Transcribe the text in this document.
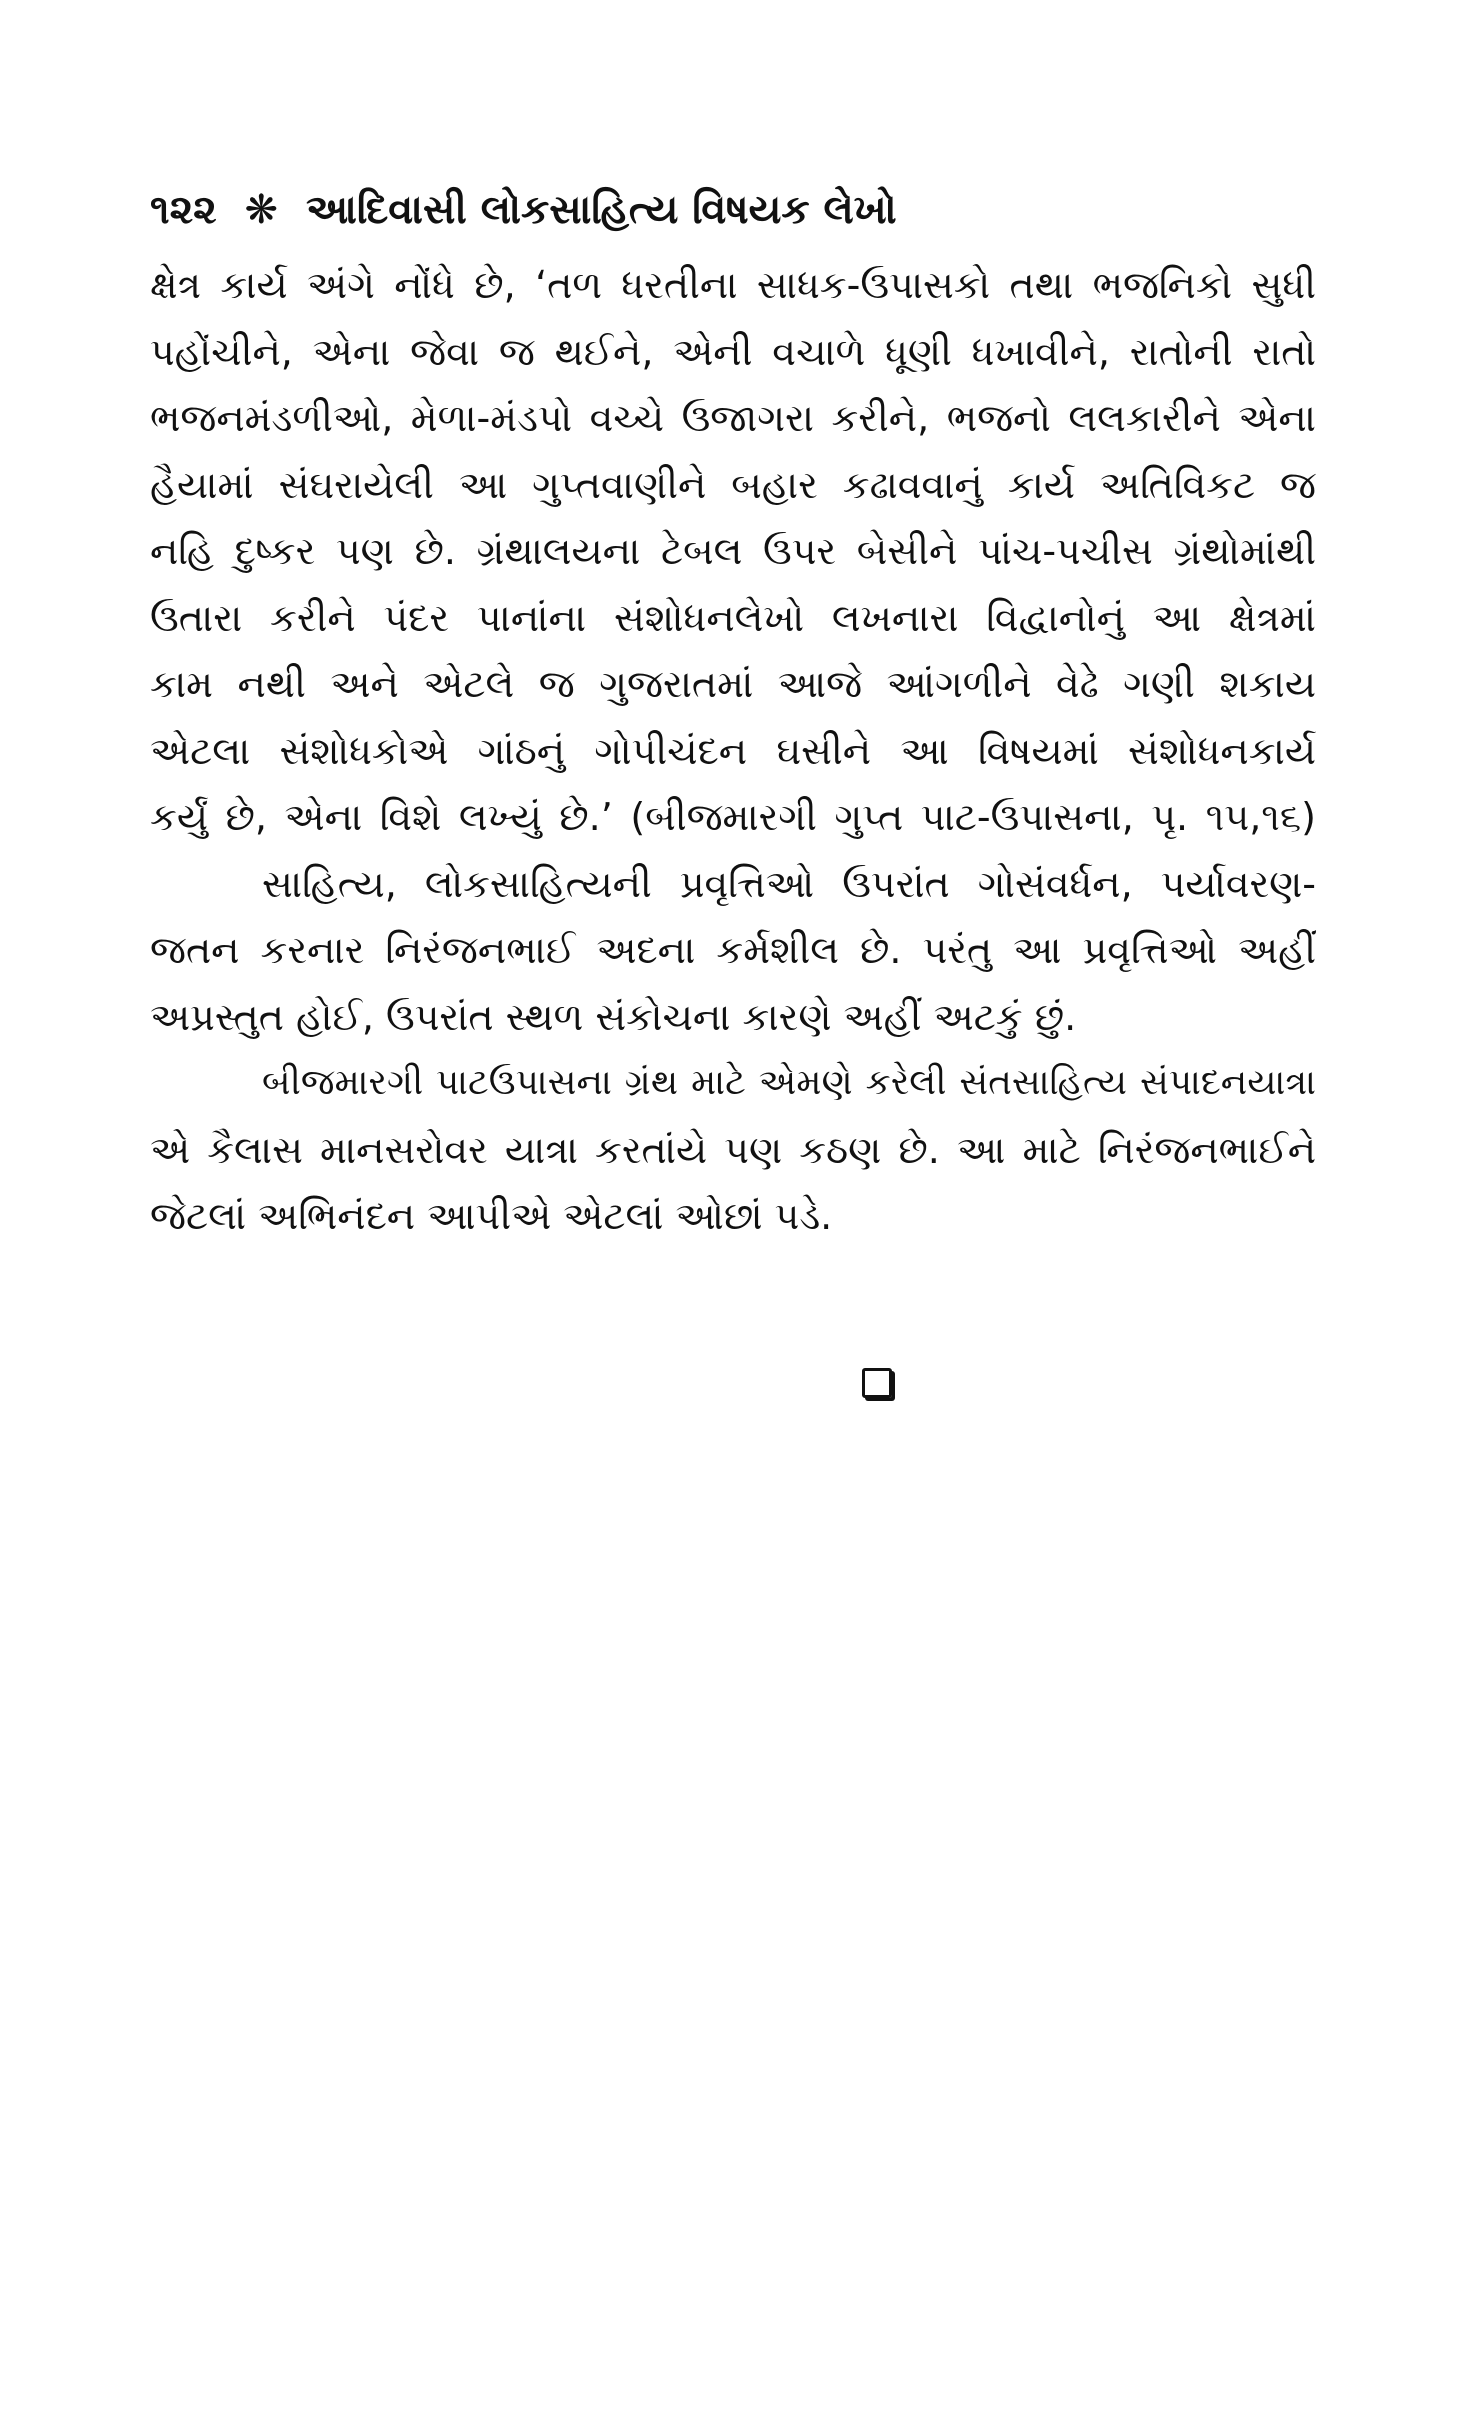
૧૨૨ ❋ આદિવાસી લોકસાહિત્ય વિષયક લેખો
ક્ષેત્ર કાર્ય અંગે નોંધે છે, ‘તળ ધરતીના સાધક-ઉપાસકો તથા ભજનિકો સુધી
પહોંચીને, એના જેવા જ થઈને, એની વચાળે ધૂણી ધખાવીને, રાતોની રાતો
ભજનમંડળીઓ, મેળા-મંડપો વચ્ચે ઉજાગરા કરીને, ભજનો લલકારીને એના
હૈયામાં સંઘરાયેલી આ ગુપ્તવાણીને બહાર કઢાવવાનું કાર્ય અતિવિકટ જ
નહિ દુષ્કર પણ છે. ગ્રંથાલયના ટેબલ ઉપર બેસીને પાંચ-પચીસ ગ્રંથોમાંથી
ઉતારા કરીને પંદર પાનાંના સંશોધનલેખો લખનારા વિદ્વાનોનું આ ક્ષેત્રમાં
કામ નથી અને એટલે જ ગુજરાતમાં આજે આંગળીને વેઢે ગણી શકાય
એટલા સંશોધકોએ ગાંઠનું ગોપીચંદન ઘસીને આ વિષયમાં સંશોધનકાર્ય
કર્યું છે, એના વિશે લખ્યું છે.’ (બીજમારગી ગુપ્ત પાટ-ઉપાસના, પૃ. ૧૫,૧૬)
સાહિત્ય, લોકસાહિત્યની પ્રવૃત્તિઓ ઉપરાંત ગોસંવર્ધન, પર્યાવરણ-
જતન કરનાર નિરંજનભાઈ અદના કર્મશીલ છે. પરંતુ આ પ્રવૃત્તિઓ અહીં
અપ્રસ્તુત હોઈ, ઉપરાંત સ્થળ સંકોચના કારણે અહીં અટકું છું.
બીજમારગી પાટઉપાસના ગ્રંથ માટે એમણે કરેલી સંતસાહિત્ય સંપાદનયાત્રા
એ કૈલાસ માનસરોવર યાત્રા કરતાંયે પણ કઠણ છે. આ માટે નિરંજનભાઈને
જેટલાં અભિનંદન આપીએ એટલાં ઓછાં પડે.
